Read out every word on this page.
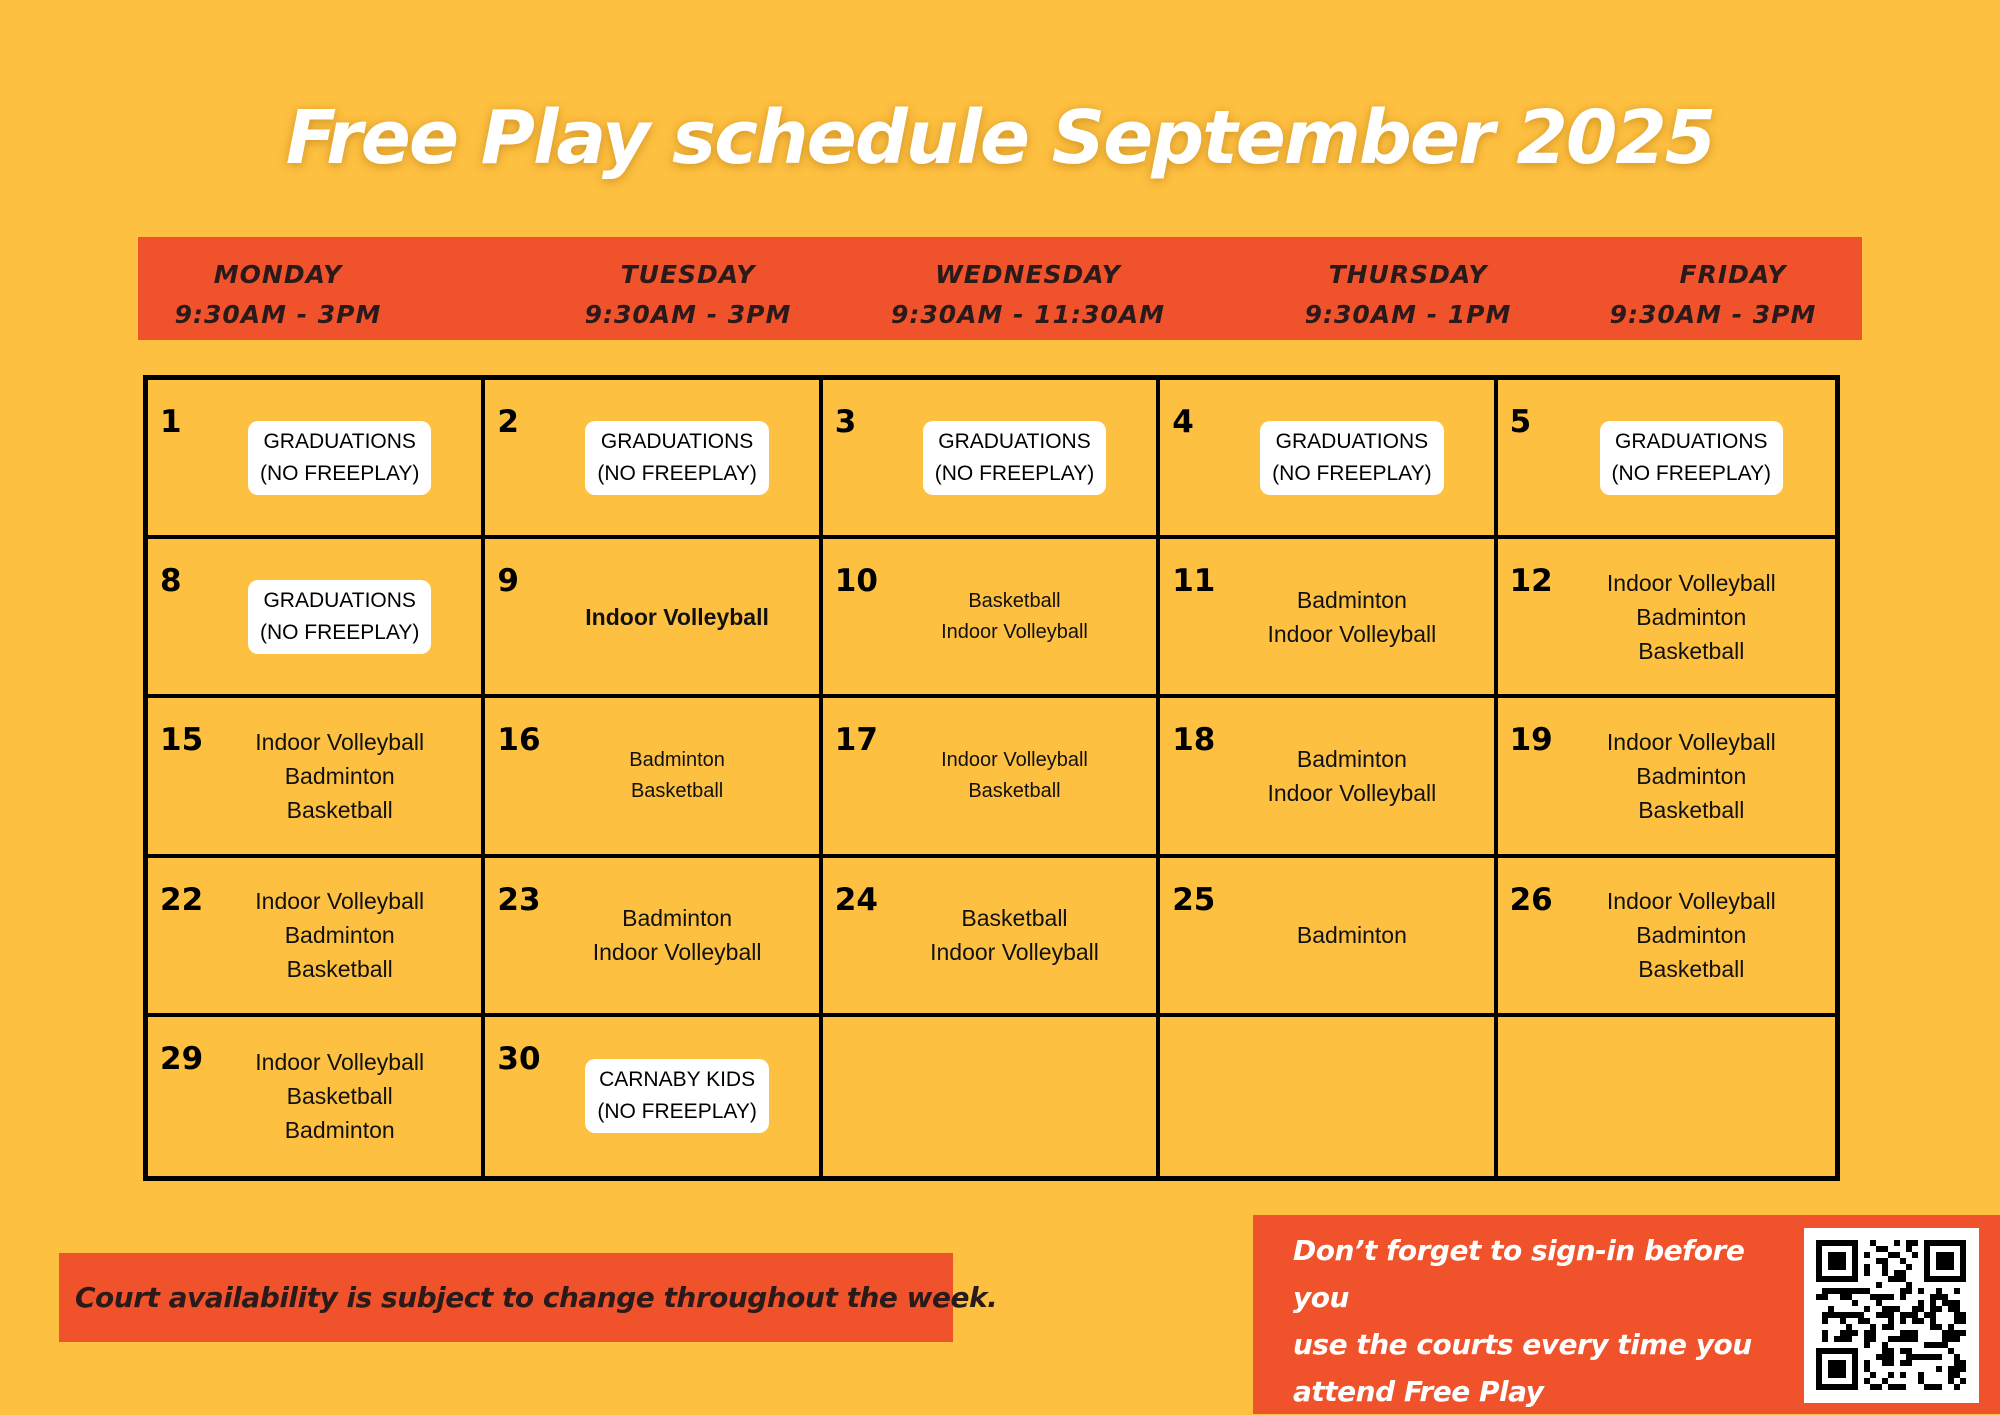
Free Play schedule September 2025
MONDAY
9:30AM - 3PM
TUESDAY
9:30AM - 3PM
WEDNESDAY
9:30AM - 11:30AM
THURSDAY
9:30AM - 1PM
FRIDAY
9:30AM - 3PM
1
GRADUATIONS
(NO FREEPLAY)
2
GRADUATIONS
(NO FREEPLAY)
3
GRADUATIONS
(NO FREEPLAY)
4
GRADUATIONS
(NO FREEPLAY)
5
GRADUATIONS
(NO FREEPLAY)
8
GRADUATIONS
(NO FREEPLAY)
9
Indoor Volleyball
10
Basketball
Indoor Volleyball
11
Badminton
Indoor Volleyball
12 Indoor Volleyball
Badminton
Basketball
15 Indoor Volleyball
Badminton
Basketball
16
Badminton
Basketball
17
Indoor Volleyball
Basketball
18
Badminton
Indoor Volleyball
19 Indoor Volleyball
Badminton
Basketball
22 Indoor Volleyball
Badminton
Basketball
23
Badminton
Indoor Volleyball
24
Basketball
Indoor Volleyball
25
Badminton
26 Indoor Volleyball
Badminton
Basketball
29 Indoor Volleyball
Basketball
Badminton
30
CARNABY KIDS
(NO FREEPLAY)
Court availability is subject to change throughout the week.
Don’t forget to sign-in before you
use the courts every time you
attend Free Play
